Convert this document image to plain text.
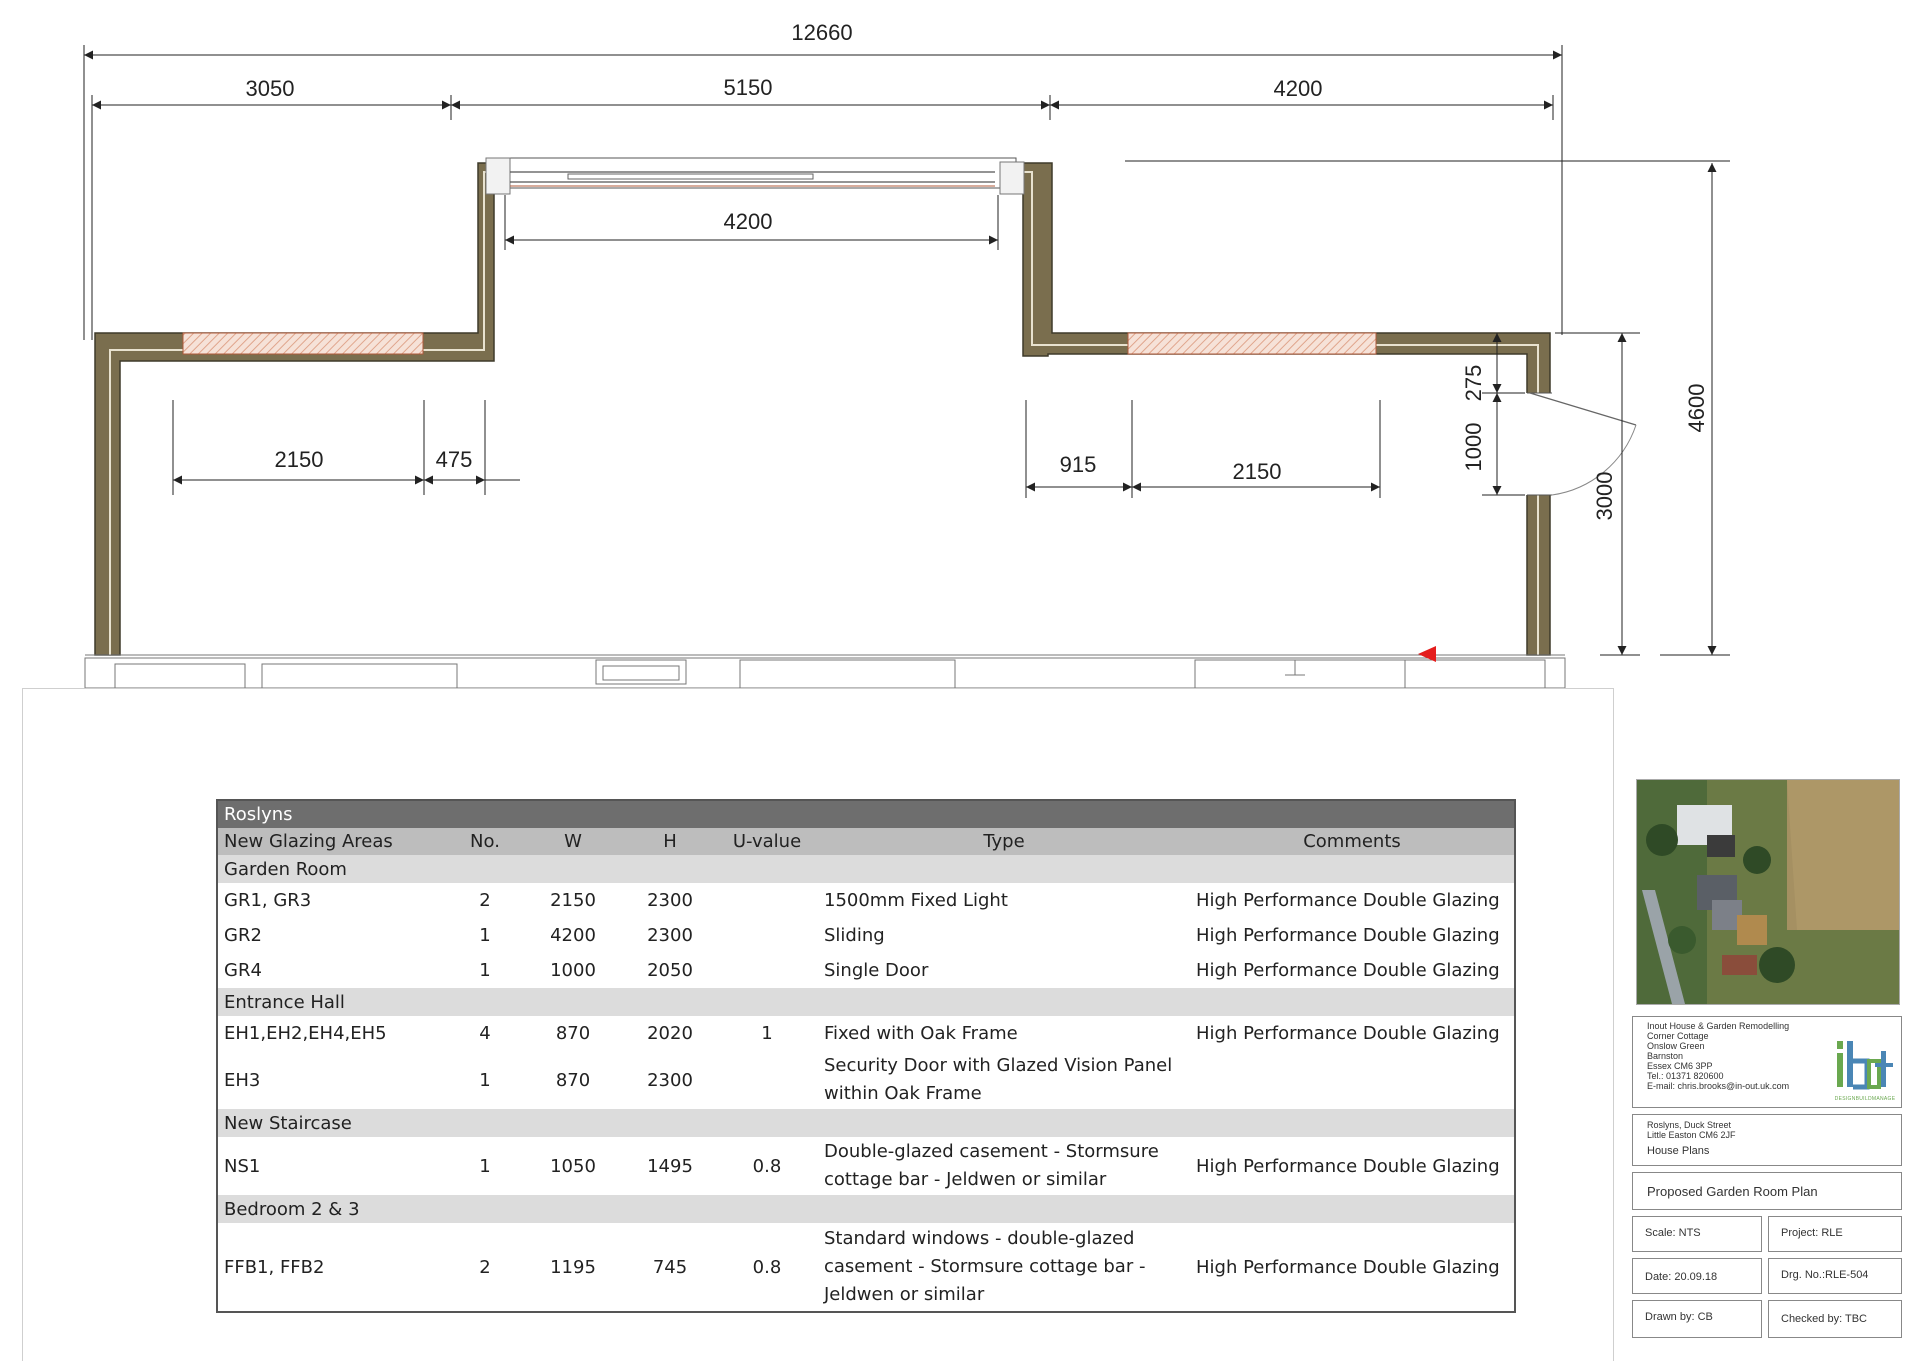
12660
3050	5150	4200
4200
2150	475	915	2150
275
1000
3000
4600
Roslyns						
New Glazing Areas	No.	W	H	U-value	Type	Comments
Garden Room						
GR1, GR3	2	2150	2300		1500mm Fixed Light	High Performance Double Glazing
GR2	1	4200	2300		Sliding	High Performance Double Glazing
GR4	1	1000	2050		Single Door	High Performance Double Glazing
Entrance Hall						
EH1,EH2,EH4,EH5	4	870	2020	1	Fixed with Oak Frame	High Performance Double Glazing
EH3	1	870	2300		Security Door with Glazed Vision Panel within Oak Frame	
New Staircase						
NS1	1	1050	1495	0.8	Double-glazed casement - Stormsure cottage bar - Jeldwen or similar	High Performance Double Glazing
Bedroom 2 & 3						
FFB1, FFB2	2	1195	745	0.8	Standard windows - double-glazed casement - Stormsure cottage bar - Jeldwen or similar	High Performance Double Glazing
Inout House & Garden Remodelling
Corner Cottage
Onslow Green
Barnston
Essex CM6 3PP
Tel.: 01371 820600
E-mail: chris.brooks@in-out.uk.com
DESIGNBUILDMANAGE
Roslyns, Duck Street
Little Easton CM6 2JF
House Plans
Proposed Garden Room Plan
Scale: NTS	Project: RLE
Date: 20.09.18	Drg. No.:RLE-504
Drawn by: CB	Checked by: TBC
